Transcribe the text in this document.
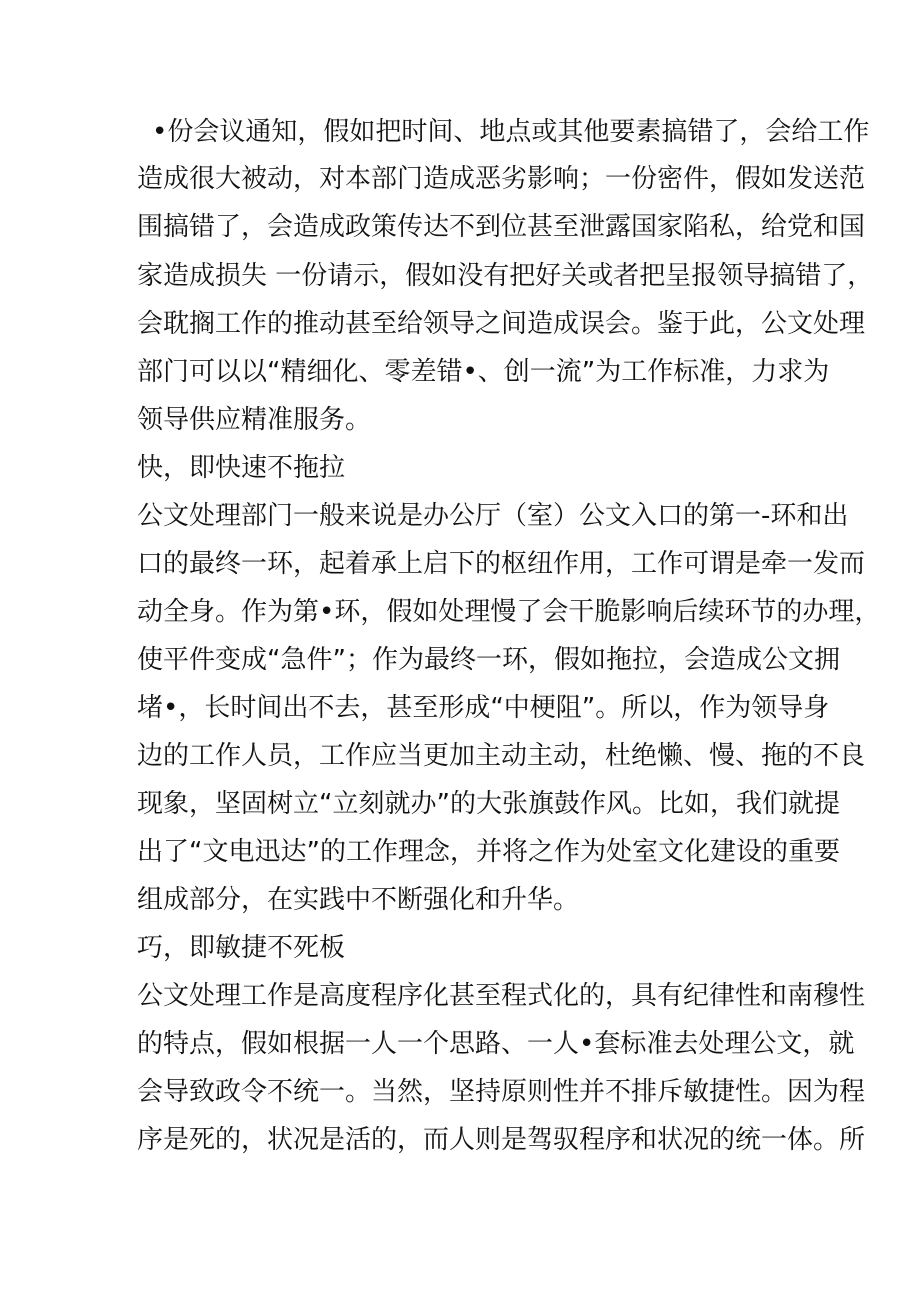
•份会议通知，假如把时间、地点或其他要素搞错了，会给工作
造成很大被动，对本部门造成恶劣影响；一份密件，假如发送范
围搞错了，会造成政策传达不到位甚至泄露国家陷私，给党和国
家造成损失 一份请示，假如没有把好关或者把呈报领导搞错了，
会耽搁工作的推动甚至给领导之间造成误会。鉴于此，公文处理
部门可以以“精细化、零差错•、创一流”为工作标准，力求为
领导供应精准服务。
快，即快速不拖拉
公文处理部门一般来说是办公厅（室）公文入口的第一-环和出
口的最终一环，起着承上启下的枢纽作用，工作可谓是牵一发而
动全身。作为第•环，假如处理慢了会干脆影响后续环节的办理，
使平件变成“急件”；作为最终一环，假如拖拉，会造成公文拥
堵•，长时间出不去，甚至形成“中梗阻”。所以，作为领导身
边的工作人员，工作应当更加主动主动，杜绝懒、慢、拖的不良
现象，坚固树立“立刻就办”的大张旗鼓作风。比如，我们就提
出了“文电迅达”的工作理念，并将之作为处室文化建设的重要
组成部分，在实践中不断强化和升华。
巧，即敏捷不死板
公文处理工作是高度程序化甚至程式化的，具有纪律性和南穆性
的特点，假如根据一人一个思路、一人•套标准去处理公文，就
会导致政令不统一。当然，坚持原则性并不排斥敏捷性。因为程
序是死的，状况是活的，而人则是驾驭程序和状况的统一体。所
